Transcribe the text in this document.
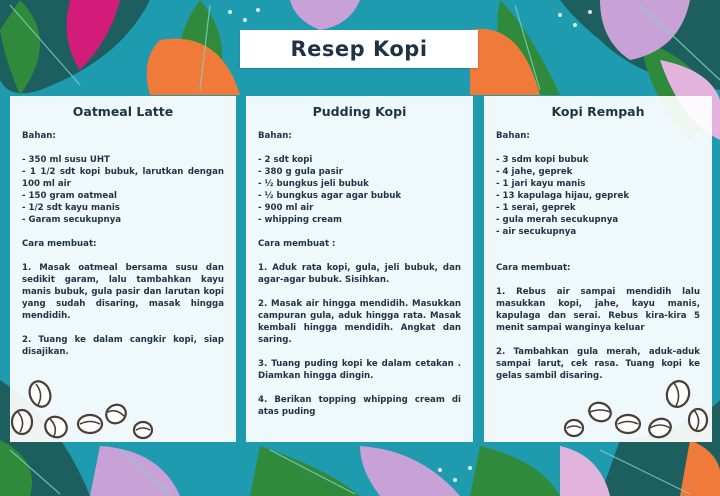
Resep Kopi
Oatmeal Latte

Bahan:

- 350 ml susu UHT

- 1 1/2 sdt kopi bubuk, larutkan dengan 100 ml air

- 150 gram oatmeal

- 1/2 sdt kayu manis

- Garam secukupnya

Cara membuat:

1. Masak oatmeal bersama susu dan sedikit garam, lalu tambahkan kayu manis bubuk, gula pasir dan larutan kopi yang sudah disaring, masak hingga mendidih.

2. Tuang ke dalam cangkir kopi, siap disajikan.

Pudding Kopi

Bahan:

- 2 sdt kopi

- 380 g gula pasir

- ½ bungkus jeli bubuk

- ½ bungkus agar agar bubuk

- 900 ml air

- whipping cream

Cara membuat :

1. Aduk rata kopi, gula, jeli bubuk, dan agar-agar bubuk. Sisihkan.

2. Masak air hingga mendidih. Masukkan campuran gula, aduk hingga rata. Masak kembali hingga mendidih. Angkat dan saring.

3. Tuang puding kopi ke dalam cetakan . Diamkan hingga dingin.

4. Berikan topping whipping cream di atas puding

Kopi Rempah

Bahan:

- 3 sdm kopi bubuk

- 4 jahe, geprek

- 1 jari kayu manis

- 13 kapulaga hijau, geprek

- 1 serai, geprek

- gula merah secukupnya

- air secukupnya

Cara membuat:

1. Rebus air sampai mendidih lalu masukkan kopi, jahe, kayu manis, kapulaga dan serai. Rebus kira-kira 5 menit sampai wanginya keluar

2. Tambahkan gula merah, aduk-aduk sampai larut, cek rasa. Tuang kopi ke gelas sambil disaring.
